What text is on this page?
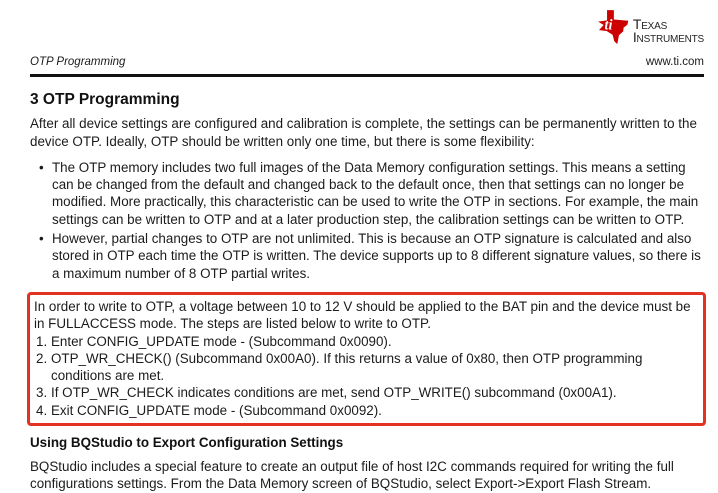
ti Texas
Instruments
OTP Programming	www.ti.com
3 OTP Programming

After all device settings are configured and calibration is complete, the settings can be permanently written to the device OTP. Ideally, OTP should be written only one time, but there is some flexibility:

• The OTP memory includes two full images of the Data Memory configuration settings. This means a setting can be changed from the default and changed back to the default once, then that settings can no longer be modified. More practically, this characteristic can be used to write the OTP in sections. For example, the main settings can be written to OTP and at a later production step, the calibration settings can be written to OTP.
• However, partial changes to OTP are not unlimited. This is because an OTP signature is calculated and also stored in OTP each time the OTP is written. The device supports up to 8 different signature values, so there is a maximum number of 8 OTP partial writes.

In order to write to OTP, a voltage between 10 to 12 V should be applied to the BAT pin and the device must be in FULLACCESS mode. The steps are listed below to write to OTP.

1. Enter CONFIG_UPDATE mode - (Subcommand 0x0090).
2. OTP_WR_CHECK() (Subcommand 0x00A0). If this returns a value of 0x80, then OTP programming conditions are met.
3. If OTP_WR_CHECK indicates conditions are met, send OTP_WRITE() subcommand (0x00A1).
4. Exit CONFIG_UPDATE mode - (Subcommand 0x0092).
Using BQStudio to Export Configuration Settings

BQStudio includes a special feature to create an output file of host I2C commands required for writing the full configurations settings. From the Data Memory screen of BQStudio, select Export->Export Flash Stream.
